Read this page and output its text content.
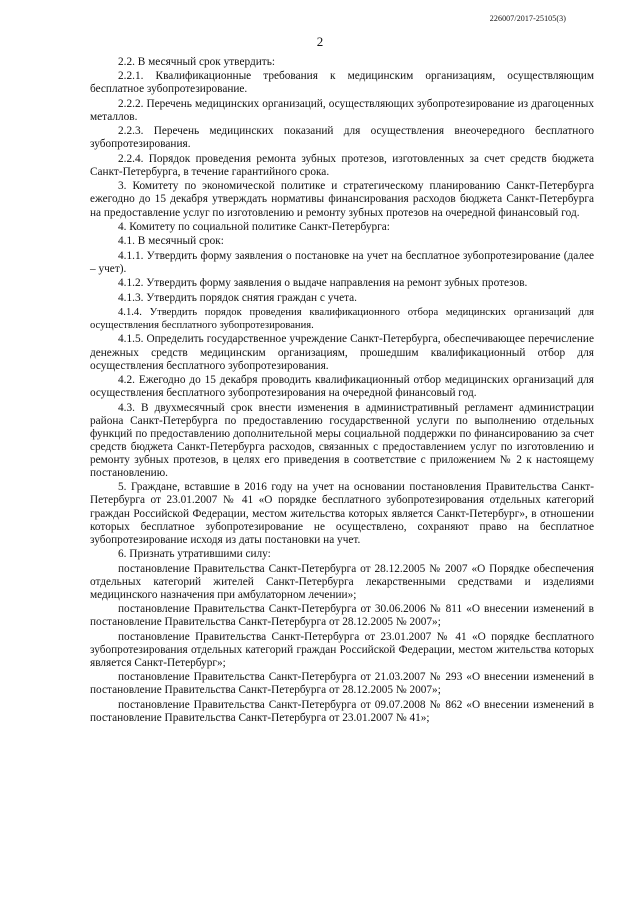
226007/2017-25105(3)
2

2.2. В месячный срок утвердить:

2.2.1. Квалификационные требования к медицинским организациям, осуществляющим бесплатное зубопротезирование.

2.2.2. Перечень медицинских организаций, осуществляющих зубопротезирование из драгоценных металлов.

2.2.3. Перечень медицинских показаний для осуществления внеочередного бесплатного зубопротезирования.

2.2.4. Порядок проведения ремонта зубных протезов, изготовленных за счет средств бюджета Санкт-Петербурга, в течение гарантийного срока.

3. Комитету по экономической политике и стратегическому планированию Санкт-Петербурга ежегодно до 15 декабря утверждать нормативы финансирования расходов бюджета Санкт-Петербурга на предоставление услуг по изготовлению и ремонту зубных протезов на очередной финансовый год.

4. Комитету по социальной политике Санкт-Петербурга:

4.1. В месячный срок:

4.1.1. Утвердить форму заявления о постановке на учет на бесплатное зубопротезирование (далее – учет).

4.1.2. Утвердить форму заявления о выдаче направления на ремонт зубных протезов.

4.1.3. Утвердить порядок снятия граждан с учета.

4.1.4. Утвердить порядок проведения квалификационного отбора медицинских организаций для осуществления бесплатного зубопротезирования.

4.1.5. Определить государственное учреждение Санкт-Петербурга, обеспечивающее перечисление денежных средств медицинским организациям, прошедшим квалификационный отбор для осуществления бесплатного зубопротезирования.

4.2. Ежегодно до 15 декабря проводить квалификационный отбор медицинских организаций для осуществления бесплатного зубопротезирования на очередной финансовый год.

4.3. В двухмесячный срок внести изменения в административный регламент администрации района Санкт-Петербурга по предоставлению государственной услуги по выполнению отдельных функций по предоставлению дополнительной меры социальной поддержки по финансированию за счет средств бюджета Санкт-Петербурга расходов, связанных с предоставлением услуг по изготовлению и ремонту зубных протезов, в целях его приведения в соответствие с приложением № 2 к настоящему постановлению.

5. Граждане, вставшие в 2016 году на учет на основании постановления Правительства Санкт-Петербурга от 23.01.2007 № 41 «О порядке бесплатного зубопротезирования отдельных категорий граждан Российской Федерации, местом жительства которых является Санкт-Петербург», в отношении которых бесплатное зубопротезирование не осуществлено, сохраняют право на бесплатное зубопротезирование исходя из даты постановки на учет.

6. Признать утратившими силу:

постановление Правительства Санкт-Петербурга от 28.12.2005 № 2007 «О Порядке обеспечения отдельных категорий жителей Санкт-Петербурга лекарственными средствами и изделиями медицинского назначения при амбулаторном лечении»;

постановление Правительства Санкт-Петербурга от 30.06.2006 № 811 «О внесении изменений в постановление Правительства Санкт-Петербурга от 28.12.2005 № 2007»;

постановление Правительства Санкт-Петербурга от 23.01.2007 № 41 «О порядке бесплатного зубопротезирования отдельных категорий граждан Российской Федерации, местом жительства которых является Санкт-Петербург»;

постановление Правительства Санкт-Петербурга от 21.03.2007 № 293 «О внесении изменений в постановление Правительства Санкт-Петербурга от 28.12.2005 № 2007»;

постановление Правительства Санкт-Петербурга от 09.07.2008 № 862 «О внесении изменений в постановление Правительства Санкт-Петербурга от 23.01.2007 № 41»;
